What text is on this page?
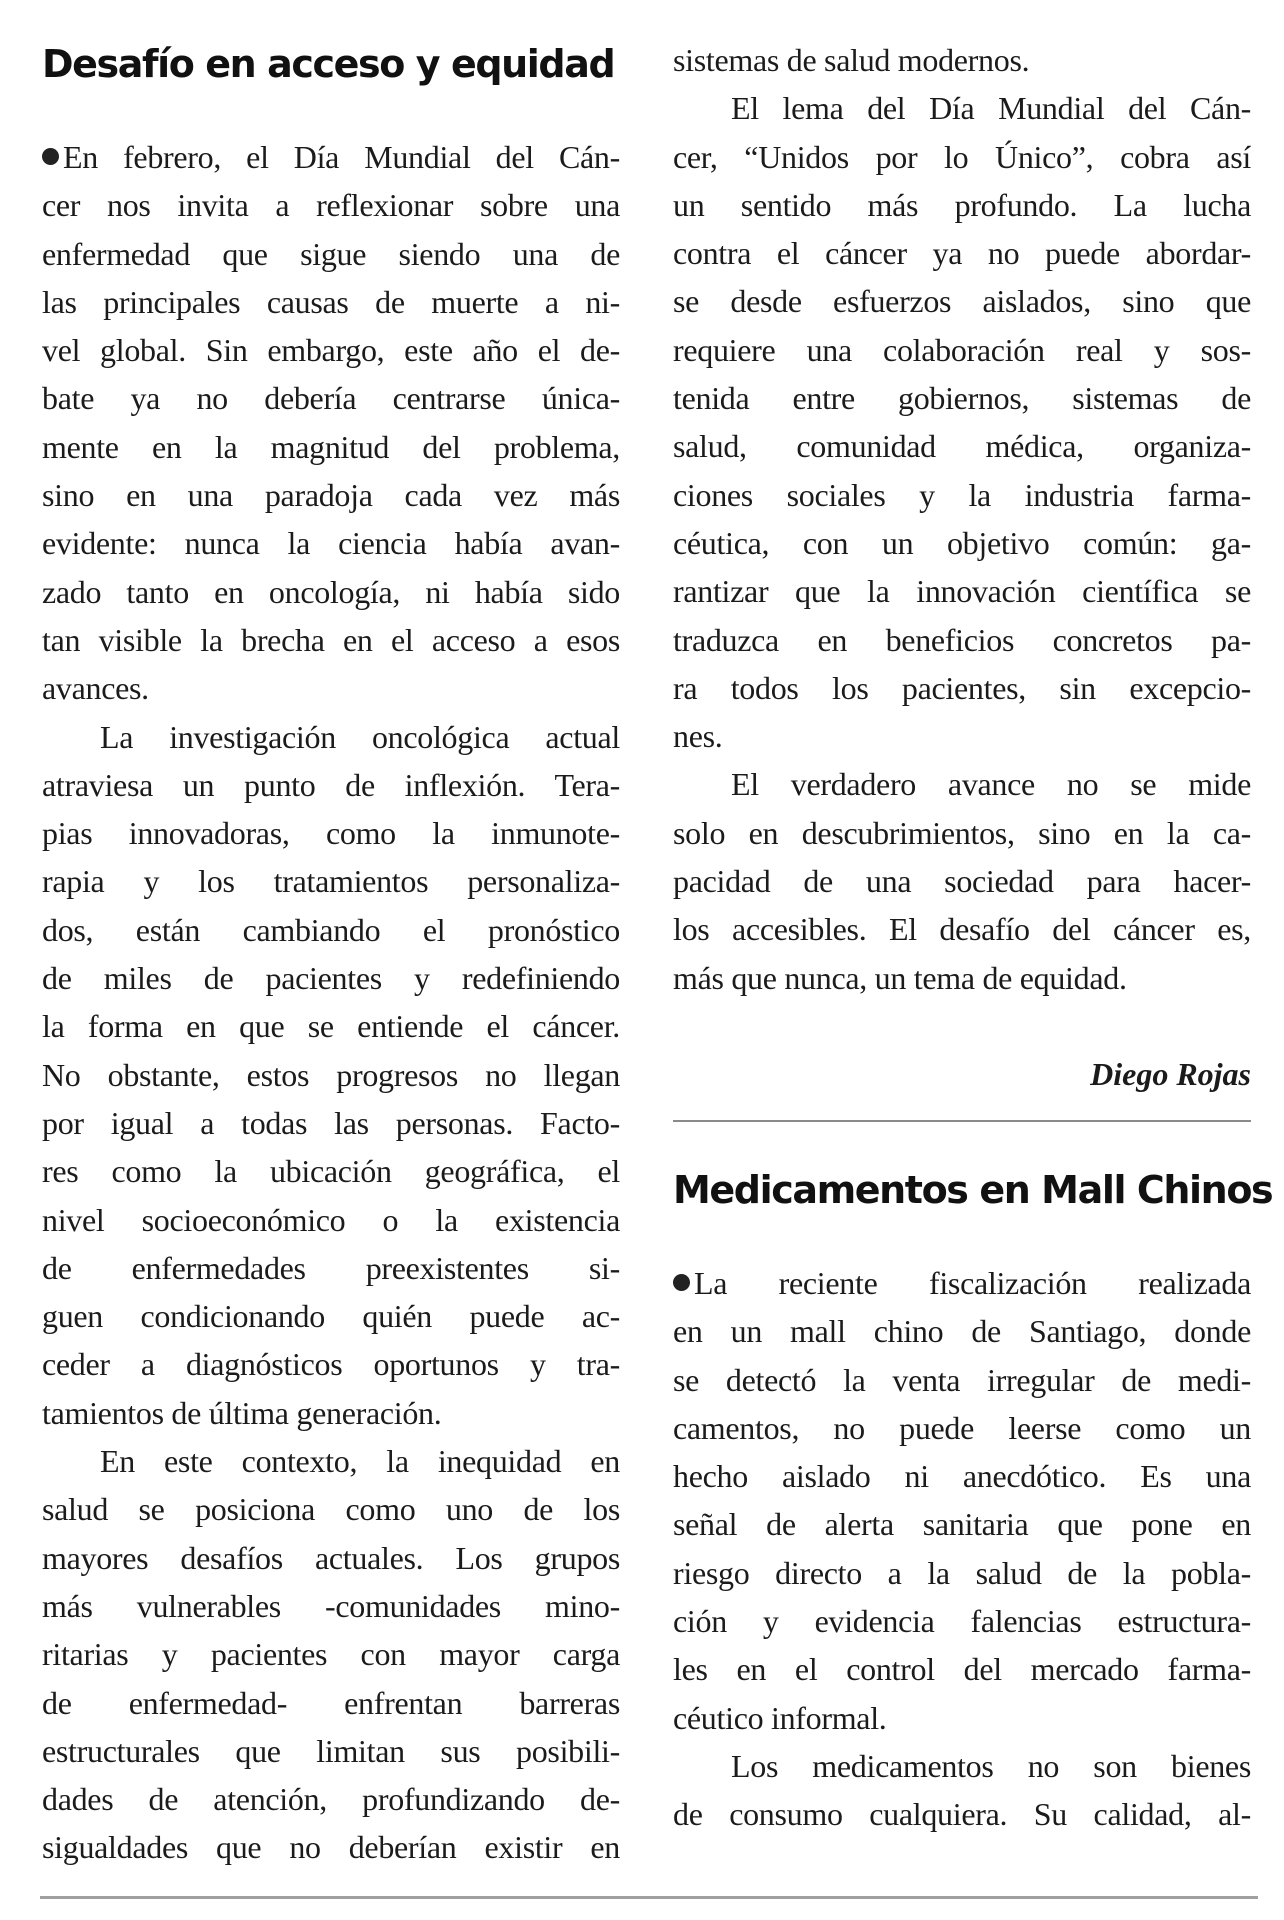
Desafío en acceso y equidad
En febrero, el Día Mundial del Cán-
cer nos invita a reflexionar sobre una
enfermedad que sigue siendo una de
las principales causas de muerte a ni-
vel global. Sin embargo, este año el de-
bate ya no debería centrarse única-
mente en la magnitud del problema,
sino en una paradoja cada vez más
evidente: nunca la ciencia había avan-
zado tanto en oncología, ni había sido
tan visible la brecha en el acceso a esos
avances.
La investigación oncológica actual
atraviesa un punto de inflexión. Tera-
pias innovadoras, como la inmunote-
rapia y los tratamientos personaliza-
dos, están cambiando el pronóstico
de miles de pacientes y redefiniendo
la forma en que se entiende el cáncer.
No obstante, estos progresos no llegan
por igual a todas las personas. Facto-
res como la ubicación geográfica, el
nivel socioeconómico o la existencia
de enfermedades preexistentes si-
guen condicionando quién puede ac-
ceder a diagnósticos oportunos y tra-
tamientos de última generación.
En este contexto, la inequidad en
salud se posiciona como uno de los
mayores desafíos actuales. Los grupos
más vulnerables -comunidades mino-
ritarias y pacientes con mayor carga
de enfermedad- enfrentan barreras
estructurales que limitan sus posibili-
dades de atención, profundizando de-
sigualdades que no deberían existir en
sistemas de salud modernos.
El lema del Día Mundial del Cán-
cer, “Unidos por lo Único”, cobra así
un sentido más profundo. La lucha
contra el cáncer ya no puede abordar-
se desde esfuerzos aislados, sino que
requiere una colaboración real y sos-
tenida entre gobiernos, sistemas de
salud, comunidad médica, organiza-
ciones sociales y la industria farma-
céutica, con un objetivo común: ga-
rantizar que la innovación científica se
traduzca en beneficios concretos pa-
ra todos los pacientes, sin excepcio-
nes.
El verdadero avance no se mide
solo en descubrimientos, sino en la ca-
pacidad de una sociedad para hacer-
los accesibles. El desafío del cáncer es,
más que nunca, un tema de equidad.
Diego Rojas
Medicamentos en Mall Chinos
La reciente fiscalización realizada
en un mall chino de Santiago, donde
se detectó la venta irregular de medi-
camentos, no puede leerse como un
hecho aislado ni anecdótico. Es una
señal de alerta sanitaria que pone en
riesgo directo a la salud de la pobla-
ción y evidencia falencias estructura-
les en el control del mercado farma-
céutico informal.
Los medicamentos no son bienes
de consumo cualquiera. Su calidad, al-
